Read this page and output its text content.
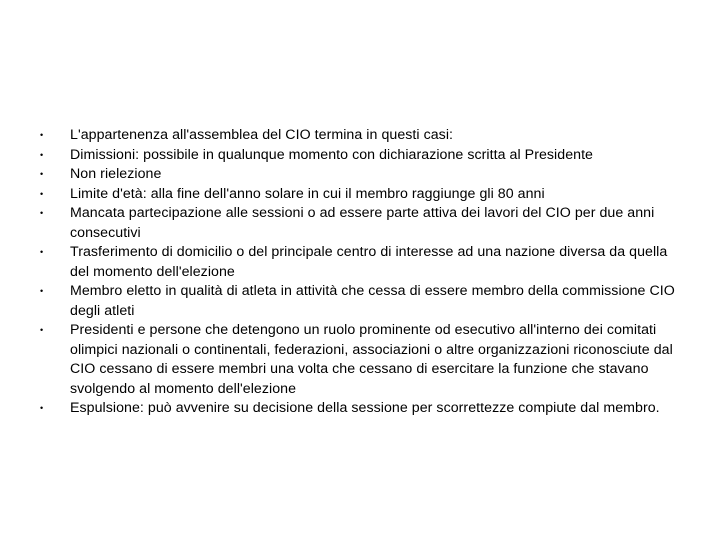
•	L'appartenenza all'assemblea del CIO termina in questi casi:
•	Dimissioni: possibile in qualunque momento con dichiarazione scritta al Presidente
•	Non rielezione
•	Limite d'età: alla fine dell'anno solare in cui il membro raggiunge gli 80 anni
•	Mancata partecipazione alle sessioni o ad essere parte attiva dei lavori del CIO per due anni consecutivi
•	Trasferimento di domicilio o del principale centro di interesse ad una nazione diversa da quella del momento dell'elezione
•	Membro eletto in qualità di atleta in attività che cessa di essere membro della commissione CIO degli atleti
•	Presidenti e persone che detengono un ruolo prominente od esecutivo all'interno dei comitati olimpici nazionali o continentali, federazioni, associazioni o altre organizzazioni riconosciute dal CIO cessano di essere membri una volta che cessano di esercitare la funzione che stavano svolgendo al momento dell'elezione
•	Espulsione: può avvenire su decisione della sessione per scorrettezze compiute dal membro.
